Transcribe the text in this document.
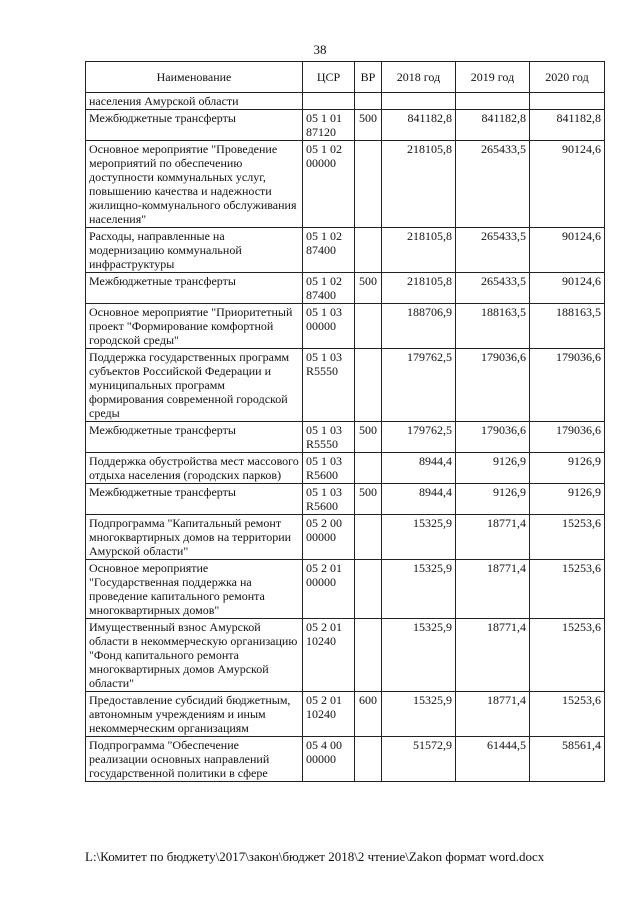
38
Наименование	ЦСР	ВР	2018 год	2019 год	2020 год
населения Амурской области					
Межбюджетные трансферты	05 1 01 87120	500	841182,8	841182,8	841182,8
Основное мероприятие "Проведение мероприятий по обеспечению доступности коммунальных услуг, повышению качества и надежности жилищно-коммунального обслуживания населения"	05 1 02 00000		218105,8	265433,5	90124,6
Расходы, направленные на модернизацию коммунальной инфраструктуры	05 1 02 87400		218105,8	265433,5	90124,6
Межбюджетные трансферты	05 1 02 87400	500	218105,8	265433,5	90124,6
Основное мероприятие "Приоритетный проект "Формирование комфортной городской среды"	05 1 03 00000		188706,9	188163,5	188163,5
Поддержка государственных программ субъектов Российской Федерации и муниципальных программ формирования современной городской среды	05 1 03 R5550		179762,5	179036,6	179036,6
Межбюджетные трансферты	05 1 03 R5550	500	179762,5	179036,6	179036,6
Поддержка обустройства мест массового отдыха населения (городских парков)	05 1 03 R5600		8944,4	9126,9	9126,9
Межбюджетные трансферты	05 1 03 R5600	500	8944,4	9126,9	9126,9
Подпрограмма "Капитальный ремонт многоквартирных домов на территории Амурской области"	05 2 00 00000		15325,9	18771,4	15253,6
Основное мероприятие "Государственная поддержка на проведение капитального ремонта многоквартирных домов"	05 2 01 00000		15325,9	18771,4	15253,6
Имущественный взнос Амурской области в некоммерческую организацию "Фонд капитального ремонта многоквартирных домов Амурской области"	05 2 01 10240		15325,9	18771,4	15253,6
Предоставление субсидий бюджетным, автономным учреждениям и иным некоммерческим организациям	05 2 01 10240	600	15325,9	18771,4	15253,6
Подпрограмма "Обеспечение реализации основных направлений государственной политики в сфере	05 4 00 00000		51572,9	61444,5	58561,4
L:\Комитет по бюджету\2017\закон\бюджет 2018\2 чтение\Zakon формат word.docx
